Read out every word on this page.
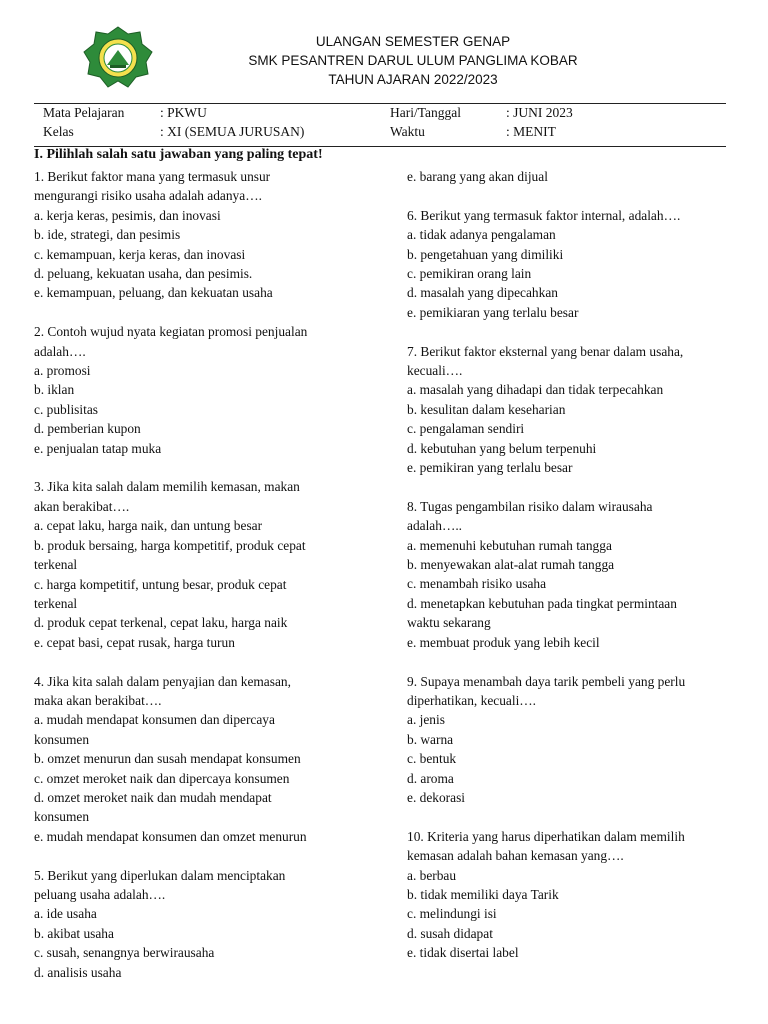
ULANGAN SEMESTER GENAP
SMK PESANTREN DARUL ULUM PANGLIMA KOBAR
TAHUN AJARAN 2022/2023
Mata Pelajaran	: PKWU	Hari/Tanggal	: JUNI 2023
Kelas	: XI (SEMUA JURUSAN)	Waktu	: MENIT
I. Pilihlah salah satu jawaban yang paling tepat!

1. Berikut faktor mana yang termasuk unsur

mengurangi risiko usaha adalah adanya….

a. kerja keras, pesimis, dan inovasi

b. ide, strategi, dan pesimis

c. kemampuan, kerja keras, dan inovasi

d. peluang, kekuatan usaha, dan pesimis.

e. kemampuan, peluang, dan kekuatan usaha

2. Contoh wujud nyata kegiatan promosi penjualan

adalah….

a. promosi

b. iklan

c. publisitas

d. pemberian kupon

e. penjualan tatap muka

3. Jika kita salah dalam memilih kemasan, makan

akan berakibat….

a. cepat laku, harga naik, dan untung besar

b. produk bersaing, harga kompetitif, produk cepat

terkenal

c. harga kompetitif, untung besar, produk cepat

terkenal

d. produk cepat terkenal, cepat laku, harga naik

e. cepat basi, cepat rusak, harga turun

4. Jika kita salah dalam penyajian dan kemasan,

maka akan berakibat….

a. mudah mendapat konsumen dan dipercaya

konsumen

b. omzet menurun dan susah mendapat konsumen

c. omzet meroket naik dan dipercaya konsumen

d. omzet meroket naik dan mudah mendapat

konsumen

e. mudah mendapat konsumen dan omzet menurun

5. Berikut yang diperlukan dalam menciptakan

peluang usaha adalah….

a. ide usaha

b. akibat usaha

c. susah, senangnya berwirausaha

d. analisis usaha

e. barang yang akan dijual

6. Berikut yang termasuk faktor internal, adalah….

a. tidak adanya pengalaman

b. pengetahuan yang dimiliki

c. pemikiran orang lain

d. masalah yang dipecahkan

e. pemikiaran yang terlalu besar

7. Berikut faktor eksternal yang benar dalam usaha,

kecuali….

a. masalah yang dihadapi dan tidak terpecahkan

b. kesulitan dalam keseharian

c. pengalaman sendiri

d. kebutuhan yang belum terpenuhi

e. pemikiran yang terlalu besar

8. Tugas pengambilan risiko dalam wirausaha

adalah…..

a. memenuhi kebutuhan rumah tangga

b. menyewakan alat-alat rumah tangga

c. menambah risiko usaha

d. menetapkan kebutuhan pada tingkat permintaan

waktu sekarang

e. membuat produk yang lebih kecil

9. Supaya menambah daya tarik pembeli yang perlu

diperhatikan, kecuali….

a. jenis

b. warna

c. bentuk

d. aroma

e. dekorasi

10. Kriteria yang harus diperhatikan dalam memilih

kemasan adalah bahan kemasan yang….

a. berbau

b. tidak memiliki daya Tarik

c. melindungi isi

d. susah didapat

e. tidak disertai label
